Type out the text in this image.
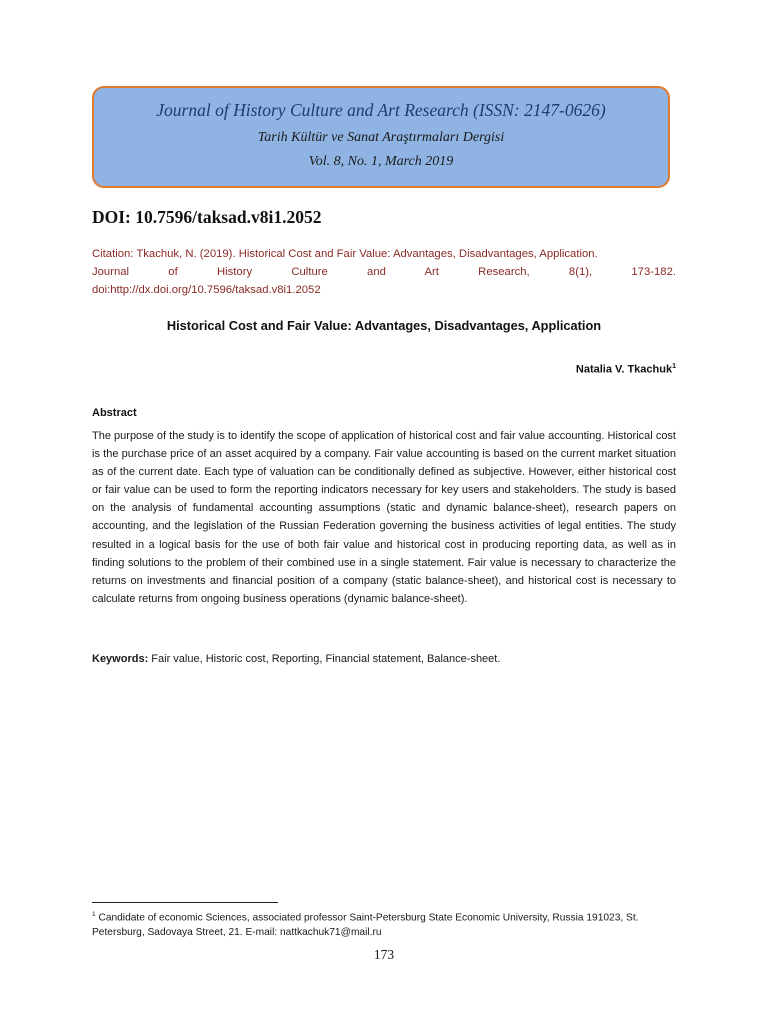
Journal of History Culture and Art Research (ISSN: 2147-0626)
Tarih Kültür ve Sanat Araştırmaları Dergisi
Vol. 8, No. 1, March 2019
DOI: 10.7596/taksad.v8i1.2052
Citation: Tkachuk, N. (2019). Historical Cost and Fair Value: Advantages, Disadvantages, Application.
Journal of History Culture and Art Research, 8(1), 173-182.
doi:http://dx.doi.org/10.7596/taksad.v8i1.2052
Historical Cost and Fair Value: Advantages, Disadvantages, Application
Natalia V. Tkachuk$^1$
Abstract
The purpose of the study is to identify the scope of application of historical cost and fair value accounting. Historical cost is the purchase price of an asset acquired by a company. Fair value accounting is based on the current market situation as of the current date. Each type of valuation can be conditionally defined as subjective. However, either historical cost or fair value can be used to form the reporting indicators necessary for key users and stakeholders. The study is based on the analysis of fundamental accounting assumptions (static and dynamic balance-sheet), research papers on accounting, and the legislation of the Russian Federation governing the business activities of legal entities. The study resulted in a logical basis for the use of both fair value and historical cost in producing reporting data, as well as in finding solutions to the problem of their combined use in a single statement. Fair value is necessary to characterize the returns on investments and financial position of a company (static balance-sheet), and historical cost is necessary to calculate returns from ongoing business operations (dynamic balance-sheet).
Keywords: Fair value, Historic cost, Reporting, Financial statement, Balance-sheet.
$^1$ Candidate of economic Sciences, associated professor Saint-Petersburg State Economic University, Russia 191023, St. Petersburg, Sadovaya Street, 21. E-mail: nattkachuk71@mail.ru
173
